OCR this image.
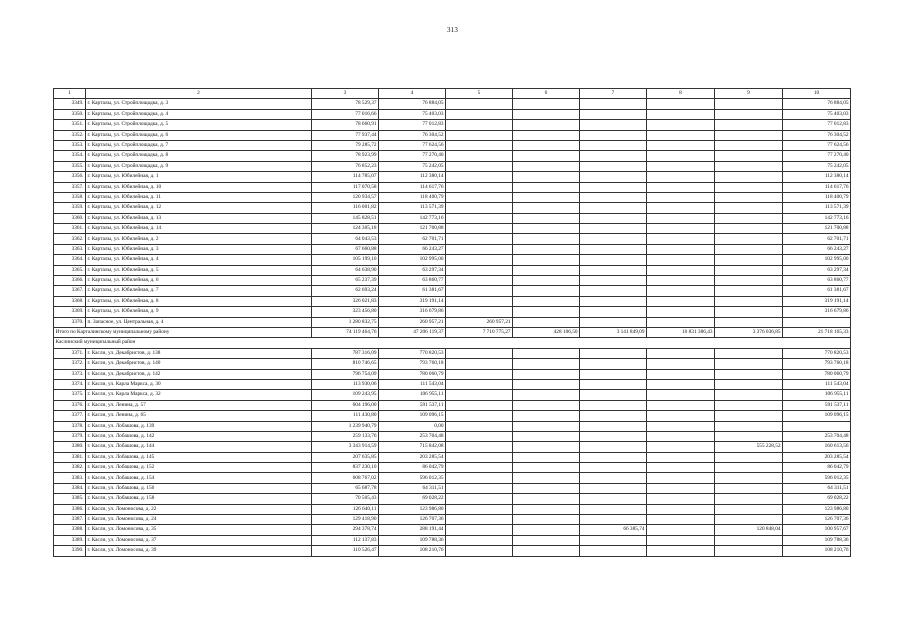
313
1	2	3	4	5	6	7	8	9	10
3349.	г. Карталы, ул. Стройплощадка, д. 3	78 529,37	76 884,05						76 884,05
3350.	г. Карталы, ул. Стройплощадка, д. 4	77 016,66	75 403,03						75 403,03
3351.	г. Карталы, ул. Стройплощадка, д. 5	78 660,91	77 012,83						77 012,83
3352.	г. Карталы, ул. Стройплощадка, д. 6	77 937,44	76 304,52						76 304,52
3353.	г. Карталы, ул. Стройплощадка, д. 7	79 285,72	77 624,56						77 624,56
3354.	г. Карталы, ул. Стройплощадка, д. 8	78 923,99	77 270,40						77 270,40
3355.	г. Карталы, ул. Стройплощадка, д. 9	76 852,23	75 242,05						75 242,05
3356.	г. Карталы, ул. Юбилейная, д. 1	114 785,07	112 380,14						112 380,14
3357.	г. Карталы, ул. Юбилейная, д. 10	117 070,58	114 617,76						114 617,76
3358.	г. Карталы, ул. Юбилейная, д. 11	120 934,57	118 400,79						118 400,79
3359.	г. Карталы, ул. Юбилейная, д. 12	116 001,82	113 571,39						113 571,39
3360.	г. Карталы, ул. Юбилейная, д. 13	145 828,51	142 773,16						142 773,16
3361.	г. Карталы, ул. Юбилейная, д. 14	124 305,18	121 700,88						121 700,88
3362.	г. Карталы, ул. Юбилейная, д. 2	64 043,53	62 701,71						62 701,71
3363.	г. Карталы, ул. Юбилейная, д. 3	67 660,88	66 243,27						66 243,27
3364.	г. Карталы, ул. Юбилейная, д. 4	105 199,10	102 995,00						102 995,00
3365.	г. Карталы, ул. Юбилейная, д. 5	64 638,90	63 297,34						63 297,34
3366.	г. Карталы, ул. Юбилейная, д. 6	65 237,39	63 860,77						63 860,77
3367.	г. Карталы, ул. Юбилейная, д. 7	62 693,24	61 381,67						61 381,67
3368.	г. Карталы, ул. Юбилейная, д. 8	326 021,83	319 191,14						319 191,14
3369.	г. Карталы, ул. Юбилейная, д. 9	323 456,80	316 679,86						316 679,86
3370.	п. Запасное, ул. Центральная, д. 4	1 280 832,75	260 957,21	260 957,21					
Итого по Карталинскому муниципальному району		74 119 464,76	47 206 119,37	7 710 775,27	428 106,50	3 141 849,09	10 831 386,43	3 376 036,85	21 718 165,33
Каслинский муниципальный район									
3371.	г. Касли, ул. Декабристов, д. 138	787 316,09	770 820,53						770 820,53
3372.	г. Касли, ул. Декабристов, д. 140	810 746,65	793 760,18						793 760,18
3373.	г. Касли, ул. Декабристов, д. 142	796 754,09	780 060,79						780 060,79
3374.	г. Касли, ул. Карла Маркса, д. 30	113 930,06	111 543,04						111 543,04
3375.	г. Касли, ул. Карла Маркса, д. 32	109 243,95	106 955,11						106 955,11
3376.	г. Касли, ул. Ленина, д. 57	604 196,00	591 537,11						591 537,11
3377.	г. Касли, ул. Ленина, д. 65	111 430,80	109 096,15						109 096,15
3378.	г. Касли, ул. Лобашова, д. 139	1 239 940,79	0,00						
3379.	г. Касли, ул. Лобашова, д. 142	259 133,76	253 704,48						253 704,48
3380.	г. Касли, ул. Лобашова, д. 144	3 343 914,59	715 842,08					555 228,52	160 613,56
3381.	г. Касли, ул. Лобашова, д. 145	207 635,85	203 285,54						203 285,54
3382.	г. Касли, ул. Лобашова, д. 152	837 230,10	86 042,79						86 042,79
3383.	г. Касли, ул. Лобашова, д. 154	608 767,02	596 012,35						596 012,35
3384.	г. Касли, ул. Лобашова, д. 156	65 687,78	64 311,51						64 311,51
3385.	г. Касли, ул. Лобашова, д. 158	70 505,43	69 028,22						69 028,22
3386.	г. Касли, ул. Ломоносова, д. 22	126 640,11	123 986,80						123 986,80
3387.	г. Касли, ул. Ломоносова, д. 24	129 418,90	126 707,36						126 707,36
3388.	г. Касли, ул. Ломоносова, д. 35	294 378,74	288 191,44			66 385,74		120 848,04	100 957,67
3389.	г. Касли, ул. Ломоносова, д. 37	112 137,83	109 788,36						109 788,36
3390.	г. Касли, ул. Ломоносова, д. 39	110 526,47	108 210,76						108 210,76
